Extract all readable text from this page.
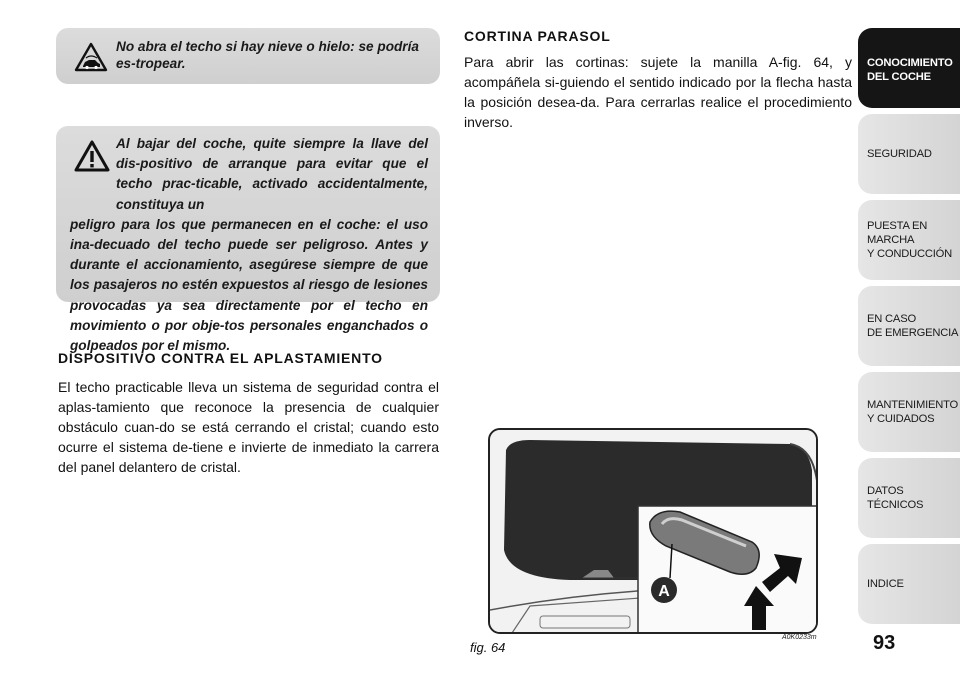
No abra el techo si hay nieve o hielo: se podría es-tropear.
Al bajar del coche, quite siempre la llave del dis-positivo de arranque para evitar que el techo prac-ticable, activado accidentalmente, constituya un
peligro para los que permanecen en el coche: el uso ina-decuado del techo puede ser peligroso. Antes y durante el accionamiento, asegúrese siempre de que los pasajeros no estén expuestos al riesgo de lesiones provocadas ya sea directamente por el techo en movimiento o por obje-tos personales enganchados o golpeados por el mismo.
DISPOSITIVO CONTRA EL APLASTAMIENTO
El techo practicable lleva un sistema de seguridad contra el aplas-tamiento que reconoce la presencia de cualquier obstáculo cuan-do se está cerrando el cristal; cuando esto ocurre el sistema de-tiene e invierte de inmediato la carrera del panel delantero de cristal.
CORTINA PARASOL
Para abrir las cortinas: sujete la manilla A-fig. 64, y acompáñela si-guiendo el sentido indicado por la flecha hasta la posición desea-da. Para cerrarlas realice el procedimiento inverso.
A
fig. 64
A0K0233m
CONOCIMIENTO
DEL COCHE
SEGURIDAD
PUESTA EN MARCHA
Y CONDUCCIÓN
EN CASO
DE EMERGENCIA
MANTENIMIENTO
Y CUIDADOS
DATOS TÉCNICOS
INDICE
93
